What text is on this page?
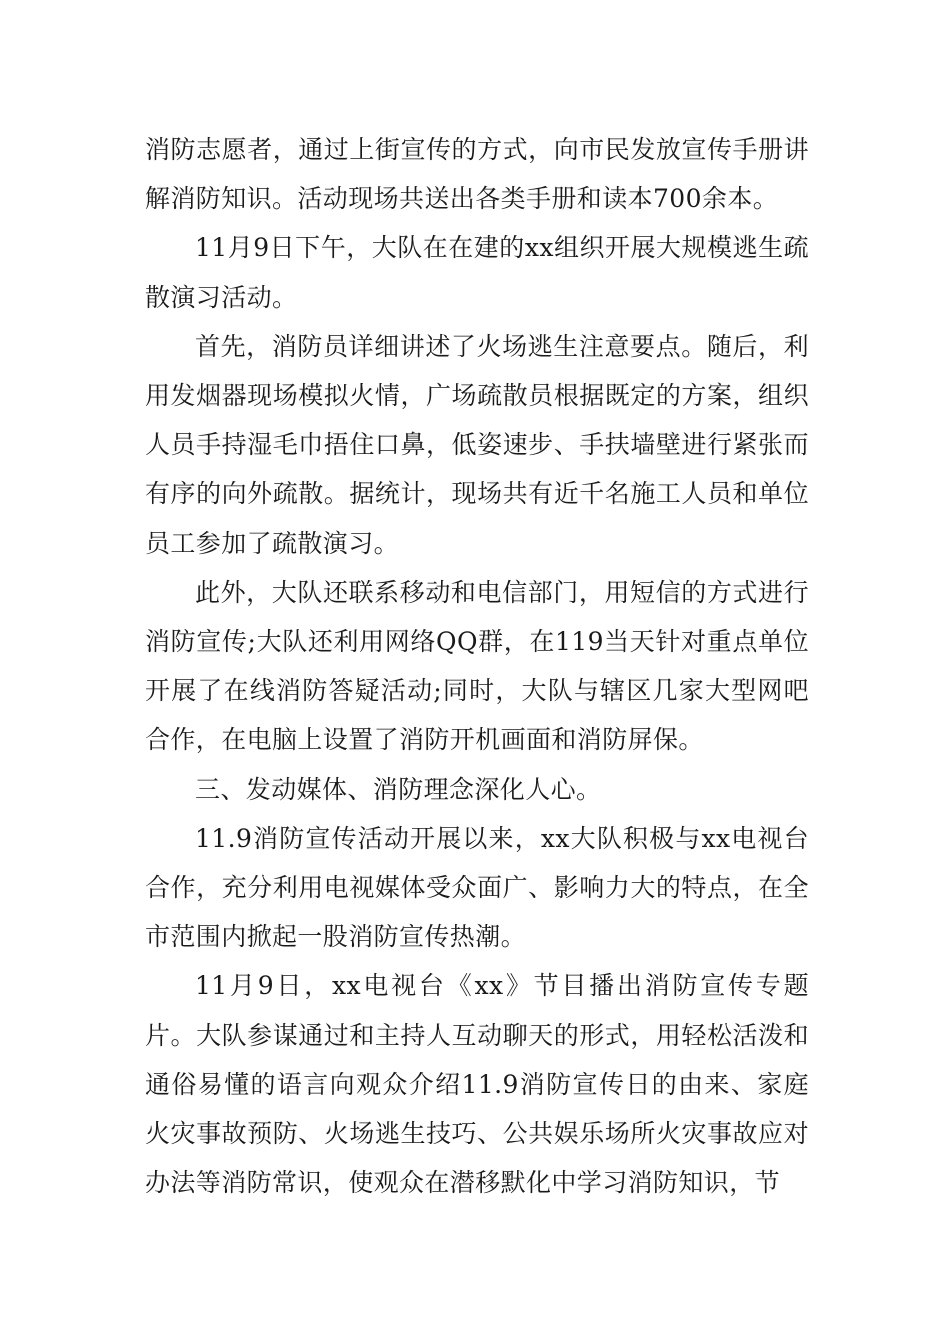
消防志愿者，通过上街宣传的方式，向市民发放宣传手册讲解消防知识。活动现场共送出各类手册和读本700余本。

11月9日下午，大队在在建的xx组织开展大规模逃生疏散演习活动。

首先，消防员详细讲述了火场逃生注意要点。随后，利用发烟器现场模拟火情，广场疏散员根据既定的方案，组织人员手持湿毛巾捂住口鼻，低姿速步、手扶墙壁进行紧张而有序的向外疏散。据统计，现场共有近千名施工人员和单位员工参加了疏散演习。

此外，大队还联系移动和电信部门，用短信的方式进行消防宣传;大队还利用网络QQ群，在119当天针对重点单位开展了在线消防答疑活动;同时，大队与辖区几家大型网吧合作，在电脑上设置了消防开机画面和消防屏保。

三、发动媒体、消防理念深化人心。

11.9消防宣传活动开展以来，xx大队积极与xx电视台合作，充分利用电视媒体受众面广、影响力大的特点，在全市范围内掀起一股消防宣传热潮。

11月9日，xx电视台《xx》节目播出消防宣传专题片。大队参谋通过和主持人互动聊天的形式，用轻松活泼和通俗易懂的语言向观众介绍11.9消防宣传日的由来、家庭火灾事故预防、火场逃生技巧、公共娱乐场所火灾事故应对办法等消防常识，使观众在潜移默化中学习消防知识，节
